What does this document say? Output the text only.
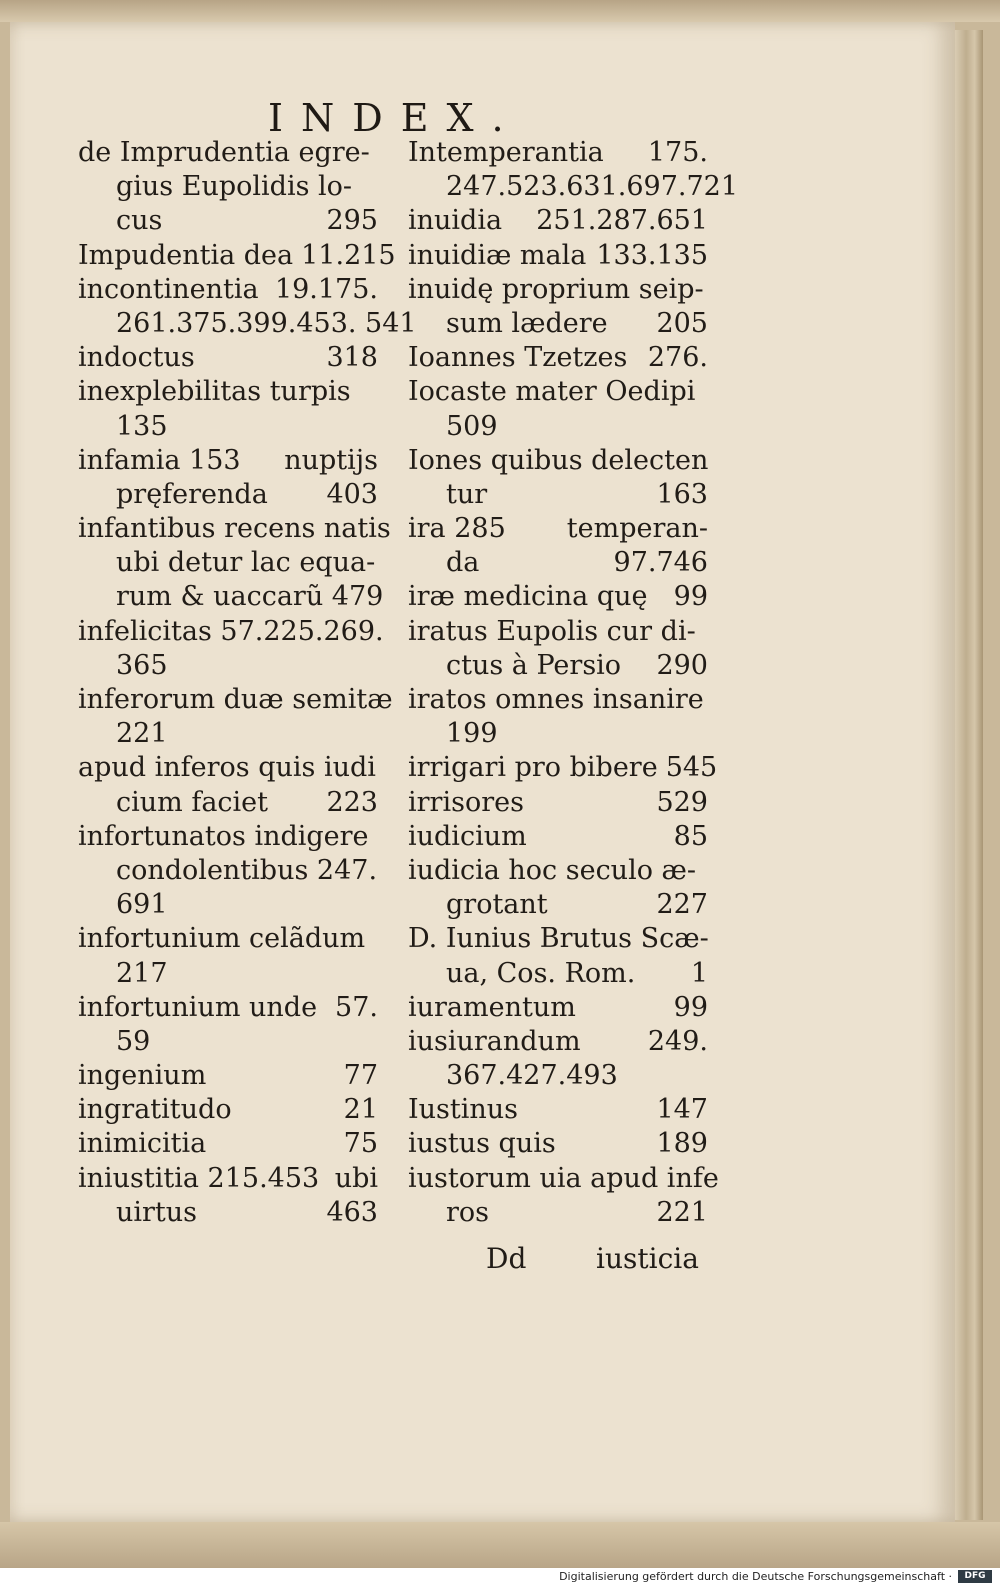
INDEX.
de Imprudentia egre-
gius Eupolidis lo-
cus	295
Impudentia dea 11.215
incontinentia 19.175.
261.375.399.453. 541
indoctus	318
inexplebilitas turpis
135
infamia 153 nuptijs
pręferenda 403
infantibus recens natis
ubi detur lac equa-
rum & uaccarũ 479
infelicitas 57.225.269.
365
inferorum duæ semitæ
221
apud inferos quis iudi
cium faciet 223
infortunatos indigere
condolentibus 247.
691
infortunium celãdum
217
infortunium unde 57.
59
ingenium	77
ingratitudo	21
inimicitia	75
iniustitia 215.453 ubi
uirtus	463
Intemperantia 175.
247.523.631.697.721
inuidia 251.287.651
inuidiæ mala 133.135
inuidę proprium seip-
sum lædere 205
Ioannes Tzetzes 276.
Iocaste mater Oedipi
509
Iones quibus delecten
tur	163
ira 285 temperan-
da	97.746
iræ medicina quę 99
iratus Eupolis cur di-
ctus à Persio 290
iratos omnes insanire
199
irrigari pro bibere 545
irrisores	529
iudicium	85
iudicia hoc seculo æ-
grotant	227
D. Iunius Brutus Scæ-
ua, Cos. Rom. 1
iuramentum	99
iusiurandum 249.
367.427.493
Iustinus	147
iustus quis	189
iustorum uia apud infe
ros	221
Dd iusticia
Digitalisierung gefördert durch die Deutsche Forschungsgemeinschaft ·	DFG
